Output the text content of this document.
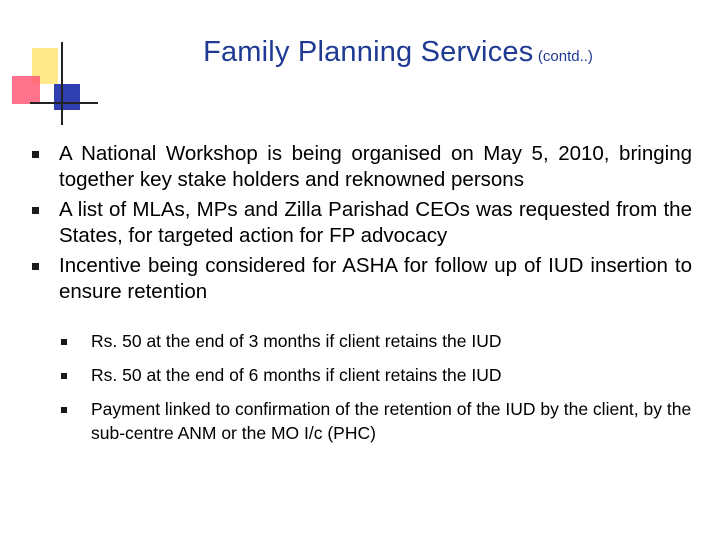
Family Planning Services (contd..)
A National Workshop is being organised on May 5, 2010, bringing together key stake holders and reknowned persons
A list of MLAs, MPs and Zilla Parishad CEOs was requested from the States, for targeted action for FP advocacy
Incentive being considered for ASHA for follow up of IUD insertion to ensure retention
Rs. 50 at the end of 3 months if client retains the IUD
Rs. 50 at the end of 6 months if client retains the IUD
Payment linked to confirmation of the retention of the IUD by the client, by the sub-centre ANM or the MO I/c (PHC)
